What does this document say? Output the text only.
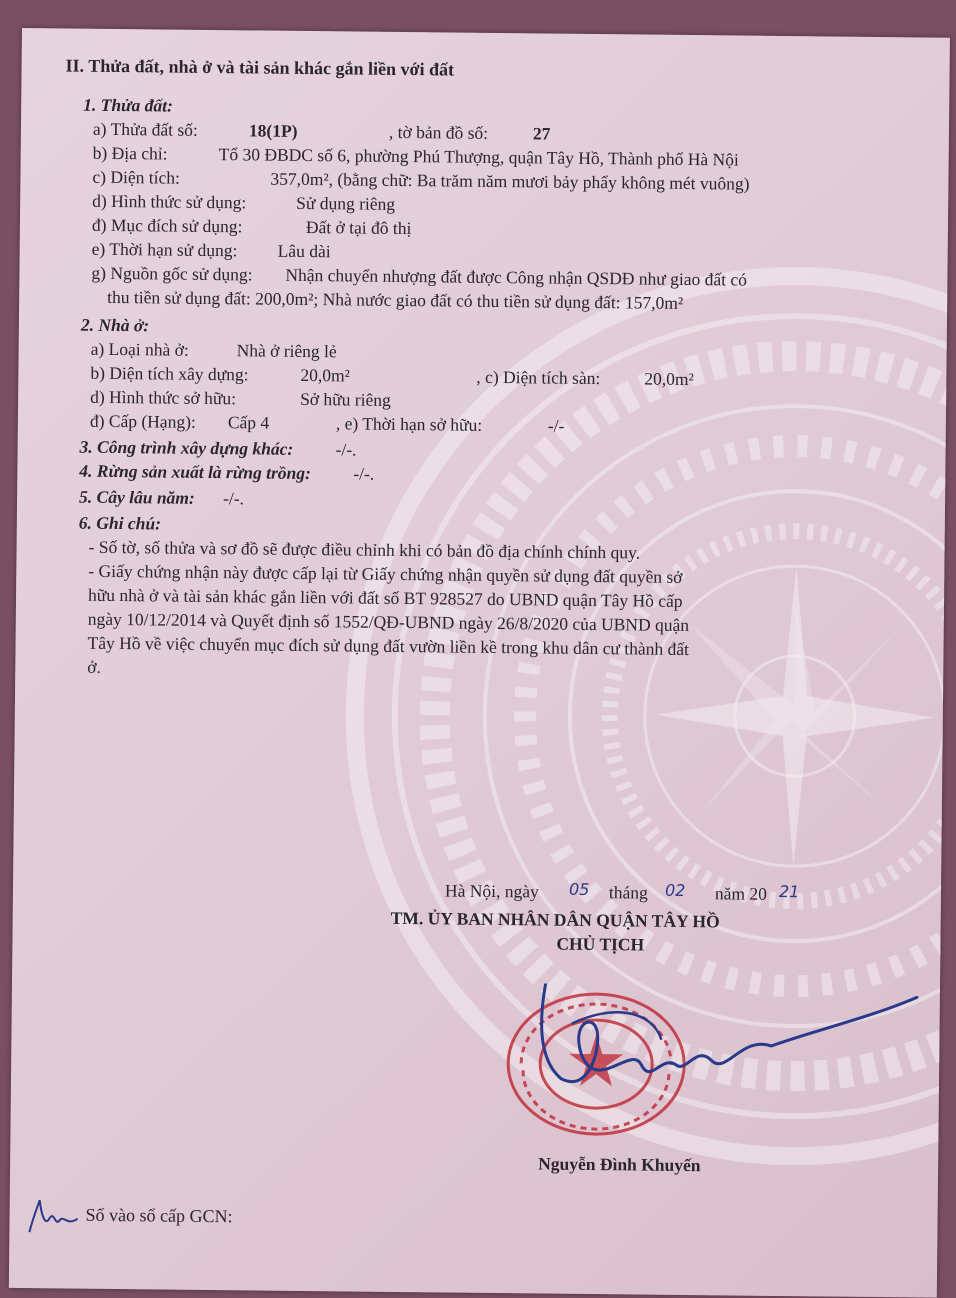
II. Thửa đất, nhà ở và tài sản khác gắn liền với đất
1. Thửa đất:
a) Thửa đất số:	18(1P)	, tờ bản đồ số:	27
b) Địa chỉ:	Tổ 30 ĐBDC số 6, phường Phú Thượng, quận Tây Hồ, Thành phố Hà Nội
c) Diện tích:	357,0m², (bằng chữ: Ba trăm năm mươi bảy phẩy không mét vuông)
d) Hình thức sử dụng:	Sử dụng riêng
đ) Mục đích sử dụng:	Đất ở tại đô thị
e) Thời hạn sử dụng: Lâu dài
g) Nguồn gốc sử dụng: Nhận chuyển nhượng đất được Công nhận QSDĐ như giao đất có
thu tiền sử dụng đất: 200,0m²; Nhà nước giao đất có thu tiền sử dụng đất: 157,0m²
2. Nhà ở:
a) Loại nhà ở:	Nhà ở riêng lẻ
b) Diện tích xây dựng:	20,0m²	, c) Diện tích sàn:	20,0m²
d) Hình thức sở hữu:	Sở hữu riêng
đ) Cấp (Hạng): Cấp 4	, e) Thời hạn sở hữu:	-/-
3. Công trình xây dựng khác: -/-.
4. Rừng sản xuất là rừng trồng: -/-.
5. Cây lâu năm: -/-.
6. Ghi chú:
- Số tờ, số thửa và sơ đồ sẽ được điều chỉnh khi có bản đồ địa chính chính quy.
- Giấy chứng nhận này được cấp lại từ Giấy chứng nhận quyền sử dụng đất quyền sở
hữu nhà ở và tài sản khác gắn liền với đất số BT 928527 do UBND quận Tây Hồ cấp
ngày 10/12/2014 và Quyết định số 1552/QĐ-UBND ngày 26/8/2020 của UBND quận
Tây Hồ về việc chuyển mục đích sử dụng đất vườn liền kề trong khu dân cư thành đất
ở.
Hà Nội, ngày 05 tháng 02 năm 20 21
TM. ỦY BAN NHÂN DÂN QUẬN TÂY HỒ
CHỦ TỊCH
Nguyễn Đình Khuyến
Số vào sổ cấp GCN:
